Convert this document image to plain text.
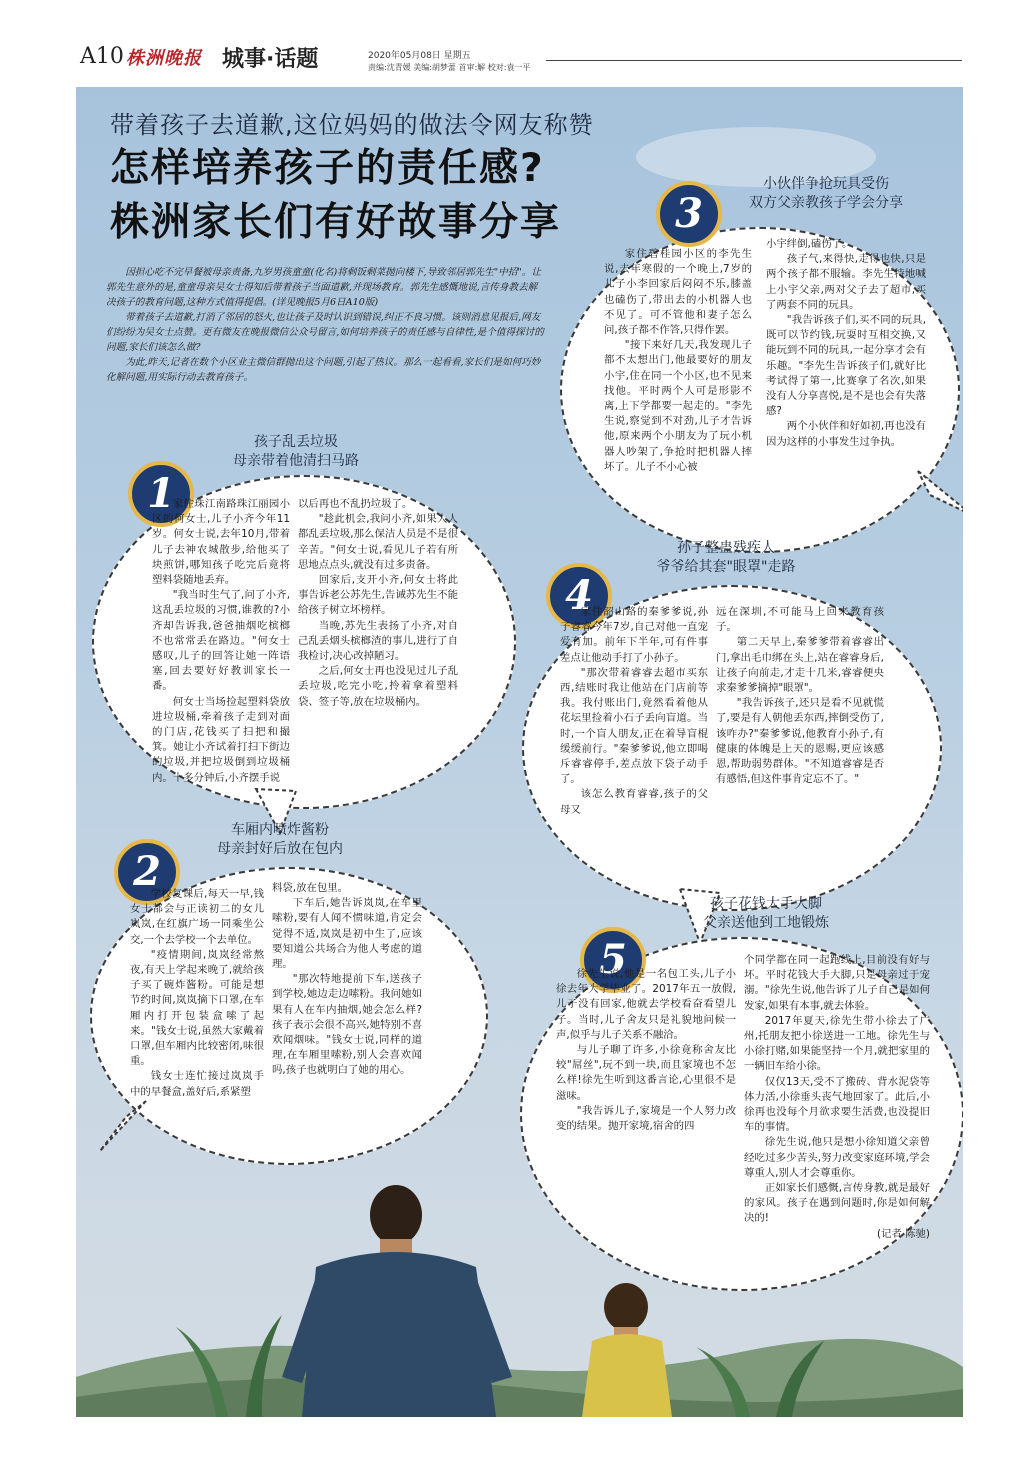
A10 株洲晚报 城事·话题	2020年05月08日 星期五
责编:沈青媛 美编:胡梦蕾 首审:解 校对:袁一平
带着孩子去道歉,这位妈妈的做法令网友称赞
怎样培养孩子的责任感?
株洲家长们有好故事分享

因担心吃不完早餐被母亲责备,九岁男孩童童(化名)将剩饭剩菜抛向楼下,导致邻居郭先生"中招"。让郭先生意外的是,童童母亲吴女士得知后带着孩子当面道歉,并现场教育。郭先生感慨地说,言传身教去解决孩子的教育问题,这种方式值得提倡。(详见晚报5月6日A10版)

带着孩子去道歉,打消了邻居的怒火,也让孩子及时认识到错误,纠正不良习惯。该则消息见报后,网友们纷纷为吴女士点赞。更有微友在晚报微信公众号留言,如何培养孩子的责任感与自律性,是个值得探讨的问题,家长们该怎么做?

为此,昨天,记者在数个小区业主微信群抛出这个问题,引起了热议。那么一起看看,家长们是如何巧妙化解问题,用实际行动去教育孩子。

小伙伴争抢玩具受伤
双方父亲教孩子学会分享
3

家住碧桂园小区的李先生说,去年寒假的一个晚上,7岁的儿子小李回家后闷闷不乐,膝盖也磕伤了,带出去的小机器人也不见了。可不管他和妻子怎么问,孩子都不作答,只得作罢。

"接下来好几天,我发现儿子都不太想出门,他最要好的朋友小宇,住在同一个小区,也不见来找他。平时两个人可是形影不离,上下学都要一起走的。"李先生说,察觉到不对劲,儿子才告诉他,原来两个小朋友为了玩小机器人吵架了,争抢时把机器人摔坏了。儿子不小心被

小宇绊倒,磕伤了。

孩子气,来得快,走得也快,只是两个孩子都不服输。李先生特地喊上小宇父亲,两对父子去了超市,买了两套不同的玩具。

"我告诉孩子们,买不同的玩具,既可以节约钱,玩耍时互相交换,又能玩到不同的玩具,一起分享才会有乐趣。"李先生告诉孩子们,就好比考试得了第一,比赛拿了名次,如果没有人分享喜悦,是不是也会有失落感?

两个小伙伴和好如初,再也没有因为这样的小事发生过争执。

孩子乱丢垃圾
母亲带着他清扫马路
1

家住珠江南路珠江丽园小区的何女士,儿子小齐今年11岁。何女士说,去年10月,带着儿子去神农城散步,给他买了块煎饼,哪知孩子吃完后竟将塑料袋随地丢弃。

"我当时生气了,问了小齐,这乱丢垃圾的习惯,谁教的?小齐却告诉我,爸爸抽烟吃槟榔不也常常丢在路边。"何女士感叹,儿子的回答让她一阵语塞,回去要好好教训家长一番。

何女士当场捡起塑料袋放进垃圾桶,牵着孩子走到对面的门店,花钱买了扫把和撮箕。她让小齐试着打扫下街边的垃圾,并把垃圾倒到垃圾桶内。十多分钟后,小齐摆手说

以后再也不乱扔垃圾了。

"趁此机会,我问小齐,如果人人都乱丢垃圾,那么保洁人员是不是很辛苦。"何女士说,看见儿子若有所思地点点头,就没有过多责备。

回家后,支开小齐,何女士将此事告诉老公苏先生,告诫苏先生不能给孩子树立坏榜样。

当晚,苏先生表扬了小齐,对自己乱丢烟头槟榔渣的事儿,进行了自我检讨,决心改掉陋习。

之后,何女士再也没见过儿子乱丢垃圾,吃完小吃,拎着拿着塑料袋、签子等,放在垃圾桶内。

孙子整蛊残疾人
爷爷给其套"眼罩"走路
4

家住韶山路的秦爹爹说,孙子睿睿今年7岁,自己对他一直宠爱有加。前年下半年,可有件事差点让他动手打了小孙子。

"那次带着睿睿去超市买东西,结账时我让他站在门店前等我。我付账出门,竟然看着他从花坛里捡着小石子丢向盲道。当时,一个盲人朋友,正在着导盲棍缓缓前行。"秦爹爹说,他立即喝斥睿睿停手,差点放下袋子动手了。

该怎么教育睿睿,孩子的父母又

远在深圳,不可能马上回来教育孩子。

第二天早上,秦爹爹带着睿睿出门,拿出毛巾绑在头上,站在睿睿身后,让孩子向前走,才走十几米,睿睿便央求秦爹爹摘掉"眼罩"。

"我告诉孩子,还只是看不见就慌了,要是有人朝他丢东西,摔倒受伤了,该咋办?"秦爹爹说,他教育小孙子,有健康的体魄是上天的恩赐,更应该感恩,帮助弱势群体。"不知道睿睿是否有感悟,但这件事肯定忘不了。"

车厢内喷炸酱粉
母亲封好后放在包内
2

学校复课后,每天一早,钱女士都会与正读初二的女儿岚岚,在红旗广场一同乘坐公交,一个去学校一个去单位。

"疫情期间,岚岚经常熬夜,有天上学起来晚了,就给孩子买了碗炸酱粉。可能是想节约时间,岚岚摘下口罩,在车厢内打开包装盒嗦了起来。"钱女士说,虽然大家戴着口罩,但车厢内比较密闭,味很重。

钱女士连忙接过岚岚手中的早餐盒,盖好后,系紧塑

料袋,放在包里。

下车后,她告诉岚岚,在车里嗦粉,要有人闻不惯味道,肯定会觉得不适,岚岚是初中生了,应该要知道公共场合为他人考虑的道理。

"那次特地提前下车,送孩子到学校,她边走边嗦粉。我问她如果有人在车内抽烟,她会怎么样?孩子表示会很不高兴,她特别不喜欢闻烟味。"钱女士说,同样的道理,在车厢里嗦粉,别人会喜欢闻吗,孩子也就明白了她的用心。

孩子花钱大手大脚
父亲送他到工地锻炼
5

徐先生说,他是一名包工头,儿子小徐去年大学毕业了。2017年五一放假,儿子没有回家,他就去学校看奋看望儿子。当时,儿子舍友只是礼貌地问候一声,似乎与儿子关系不融洽。

与儿子聊了许多,小徐竟称舍友比较"屌丝",玩不到一块,而且家境也不怎么样!徐先生听到这番言论,心里很不是滋味。

"我告诉儿子,家境是一个人努力改变的结果。抛开家境,宿舍的四

个同学都在同一起跑线上,目前没有好与坏。平时花钱大手大脚,只是母亲过于宠溺。"徐先生说,他告诉了儿子自己是如何发家,如果有本事,就去体验。

2017年夏天,徐先生带小徐去了广州,托朋友把小徐送进一工地。徐先生与小徐打赌,如果能坚持一个月,就把家里的一辆旧车给小徐。

仅仅13天,受不了搬砖、背水泥袋等体力活,小徐垂头丧气地回家了。此后,小徐再也没每个月欲求要生活费,也没提旧车的事情。

徐先生说,他只是想小徐知道父亲曾经吃过多少苦头,努力改变家庭环境,学会尊重人,别人才会尊重你。

正如家长们感慨,言传身教,就是最好的家风。孩子在遇到问题时,你是如何解决的!

(记者 陈驰)
